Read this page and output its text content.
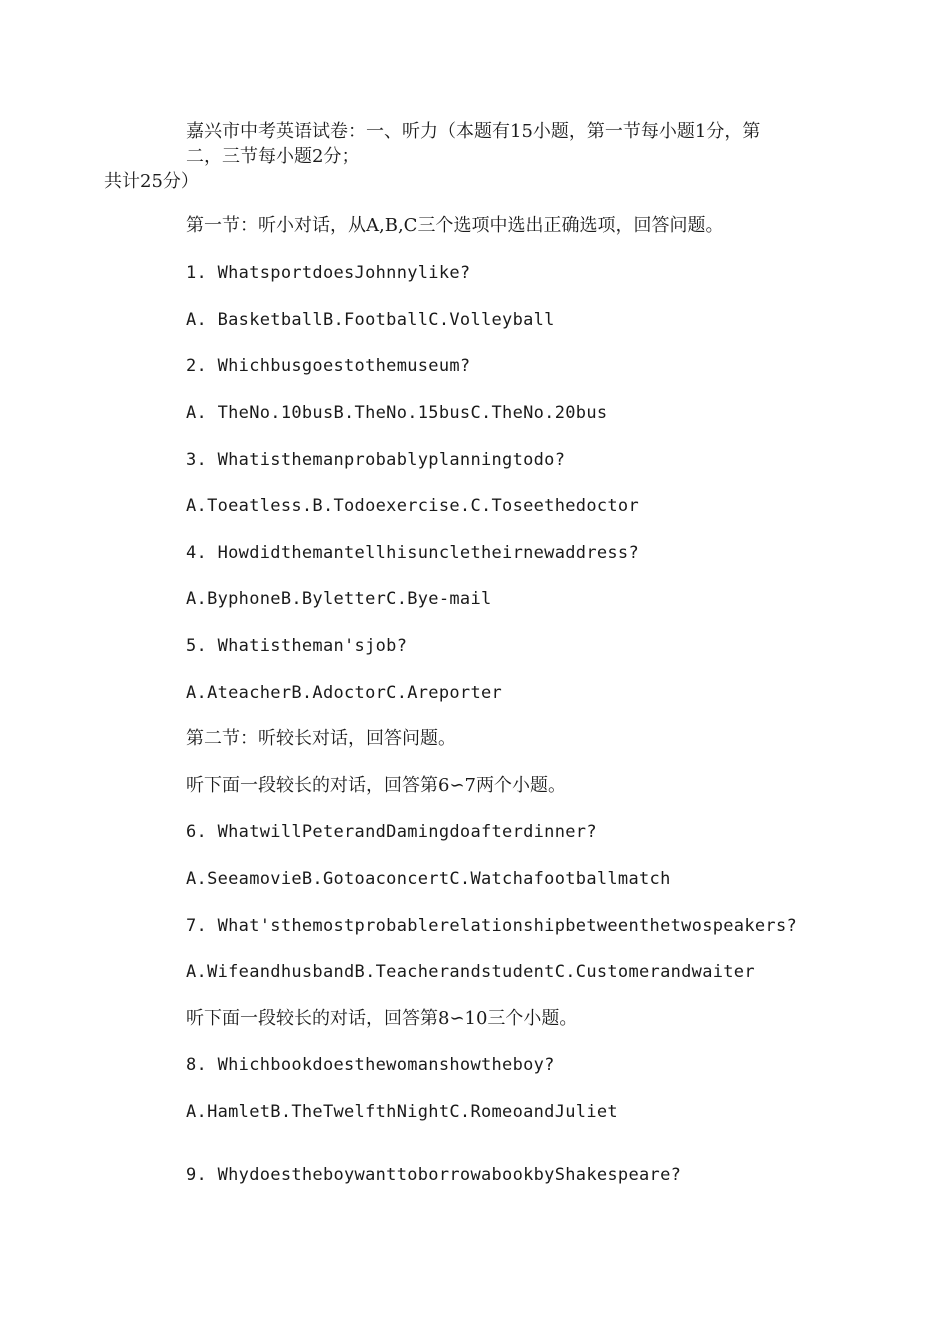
嘉兴市中考英语试卷：一、听力（本题有15小题，第一节每小题1分，第
二，三节每小题2分；
共计25分）
第一节：听小对话，从A,B,C三个选项中选出正确选项，回答问题。
1. WhatsportdoesJohnnylike?
A. BasketballB.FootballC.Volleyball
2. Whichbusgoestothemuseum?
A. TheNo.10busB.TheNo.15busC.TheNo.20bus
3. Whatisthemanprobablyplanningtodo?
A.Toeatless.B.Todoexercise.C.Toseethedoctor
4. Howdidthemantellhisuncletheirnewaddress?
A.ByphoneB.ByletterC.Bye-mail
5. Whatistheman'sjob?
A.AteacherB.AdoctorC.Areporter
第二节：听较长对话，回答问题。
听下面一段较长的对话，回答第6∽7两个小题。
6. WhatwillPeterandDamingdoafterdinner?
A.SeeamovieB.GotoaconcertC.Watchafootballmatch
7. What'sthemostprobablerelationshipbetweenthetwospeakers?
A.WifeandhusbandB.TeacherandstudentC.Customerandwaiter
听下面一段较长的对话，回答第8∽10三个小题。
8. Whichbookdoesthewomanshowtheboy?
A.HamletB.TheTwelfthNightC.RomeoandJuliet
9. WhydoestheboywanttoborrowabookbyShakespeare?
